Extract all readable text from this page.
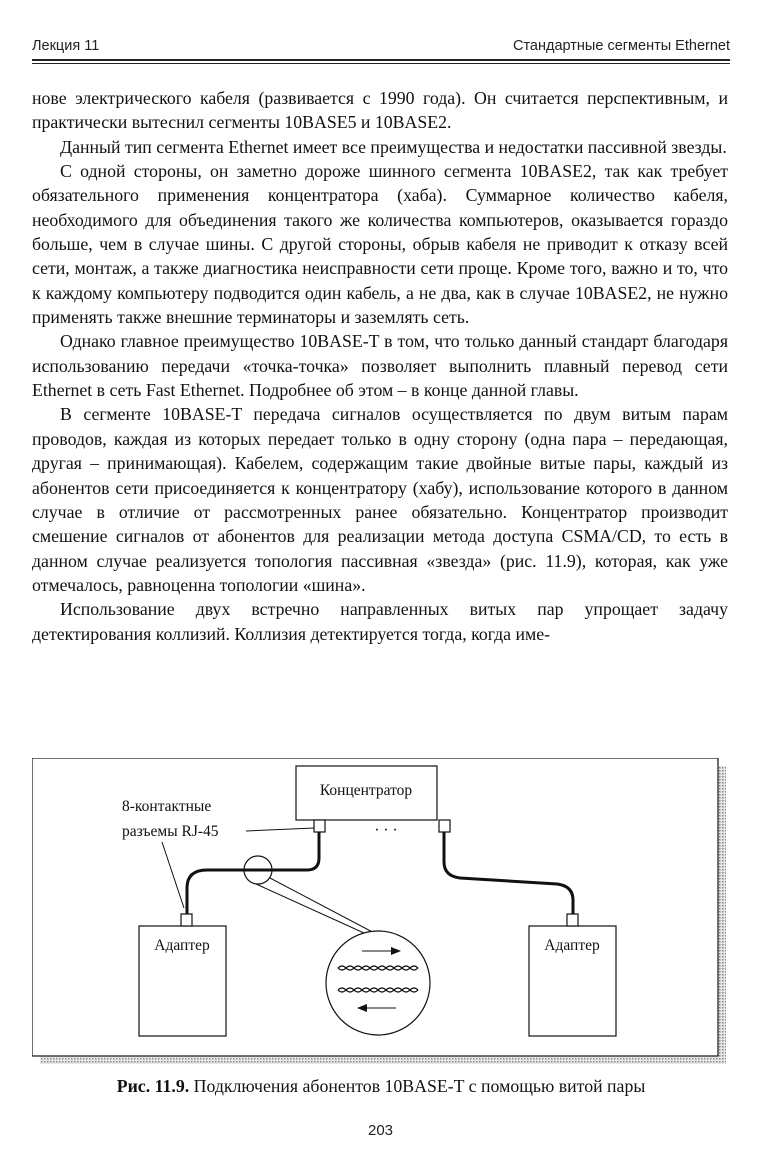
Лекция 11	Стандартные сегменты Ethernet

нове электрического кабеля (развивается с 1990 года). Он считается перспективным, и практически вытеснил сегменты 10BASE5 и 10BASE2.

Данный тип сегмента Ethernet имеет все преимущества и недостатки пассивной звезды.

С одной стороны, он заметно дороже шинного сегмента 10BASE2, так как требует обязательного применения концентратора (хаба). Суммарное количество кабеля, необходимого для объединения такого же количества компьютеров, оказывается гораздо больше, чем в случае шины. С другой стороны, обрыв кабеля не приводит к отказу всей сети, монтаж, а также диагностика неисправности сети проще. Кроме того, важно и то, что к каждому компьютеру подводится один кабель, а не два, как в случае 10BASE2, не нужно применять также внешние терминаторы и заземлять сеть.

Однако главное преимущество 10BASE-T в том, что только данный стандарт благодаря использованию передачи «точка-точка» позволяет выполнить плавный перевод сети Ethernet в сеть Fast Ethernet. Подробнее об этом – в конце данной главы.

В сегменте 10BASE-T передача сигналов осуществляется по двум витым парам проводов, каждая из которых передает только в одну сторону (одна пара – передающая, другая – принимающая). Кабелем, содержащим такие двойные витые пары, каждый из абонентов сети присоединяется к концентратору (хабу), использование которого в данном случае в отличие от рассмотренных ранее обязательно. Концентратор производит смешение сигналов от абонентов для реализации метода доступа CSMA/CD, то есть в данном случае реализуется топология пассивная «звезда» (рис. 11.9), которая, как уже отмечалось, равноценна топологии «шина».

Использование двух встречно направленных витых пар упрощает задачу детектирования коллизий. Коллизия детектируется тогда, когда име-

Концентратор
· · ·
8-контактные
разъемы RJ-45
Адаптер	Адаптер
Рис. 11.9. Подключения абонентов 10BASE-T с помощью витой пары
203
